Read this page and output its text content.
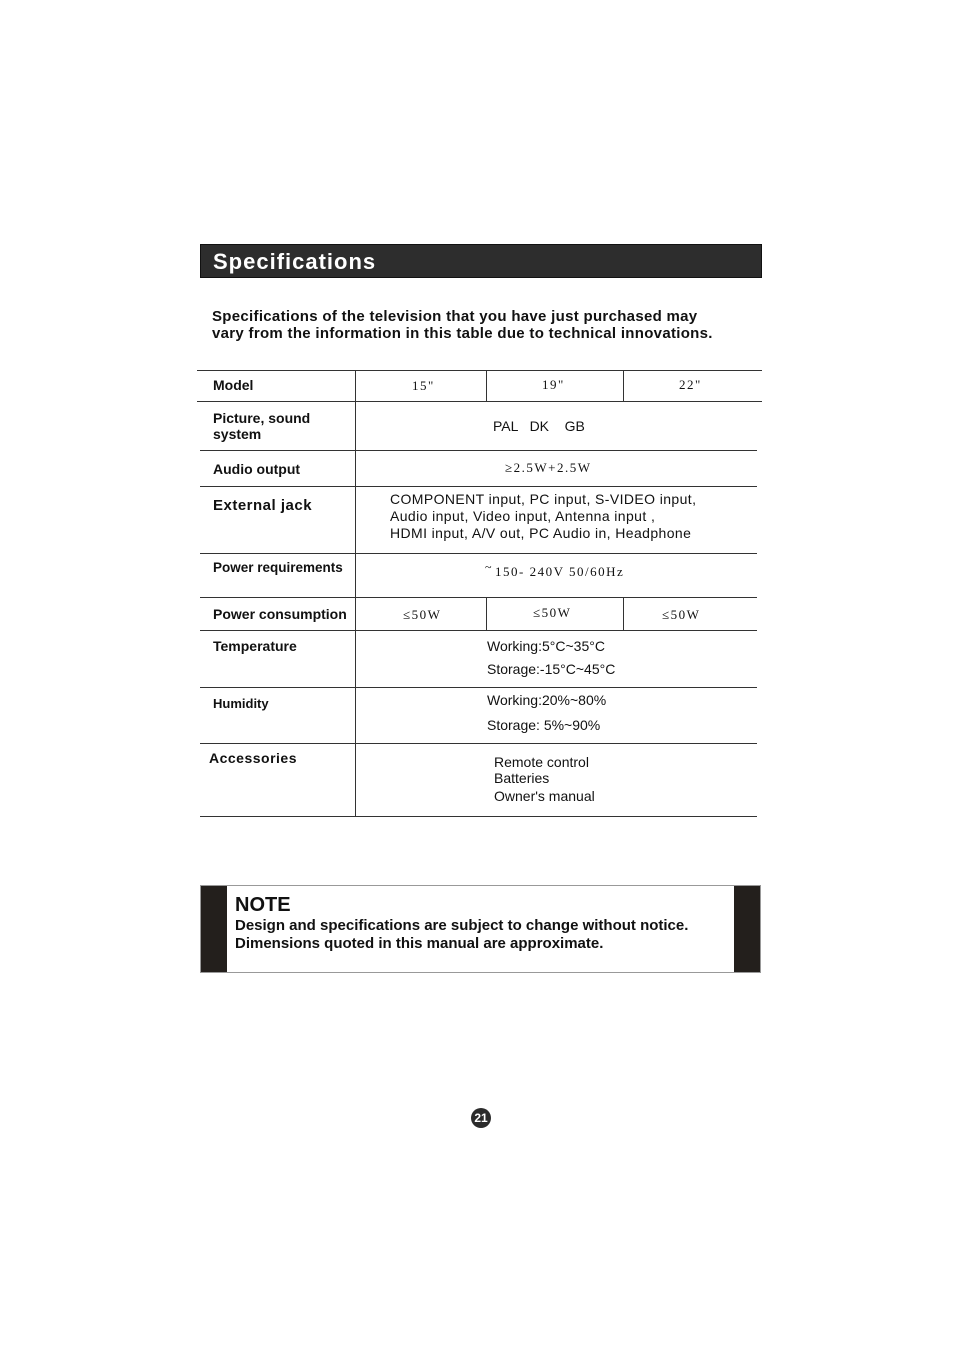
Specifications
Specifications of the television that you have just purchased may
vary from the information in this table due to technical innovations.
Model	15"	19"	22"
Picture, sound
system	PAL   DK    GB
Audio output	≥2.5W+2.5W
External jack	COMPONENT input, PC input, S-VIDEO input,
Audio input, Video input, Antenna input ,
HDMI input, A/V out, PC Audio in, Headphone
Power requirements	~ 150- 240V 50/60Hz
Power consumption	≤50W	≤50W	≤50W
Temperature	Working:5°C~35°C
Storage:-15°C~45°C
Humidity	Working:20%~80%
Storage: 5%~90%
Accessories	Remote control
Batteries
Owner's manual
NOTE
Design and specifications are subject to change without notice.
Dimensions quoted in this manual are approximate.
21
